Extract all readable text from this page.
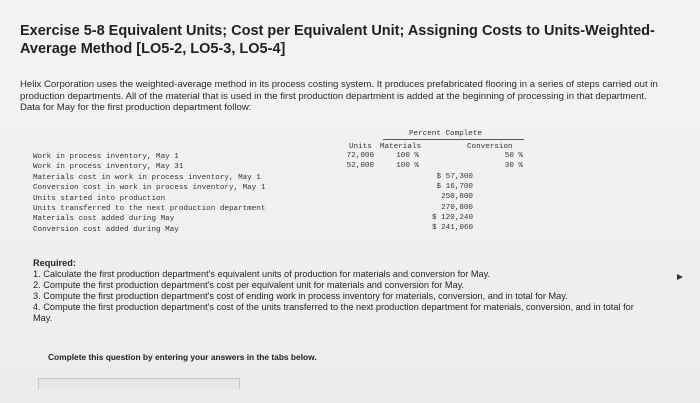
Exercise 5-8 Equivalent Units; Cost per Equivalent Unit; Assigning Costs to Units-Weighted-Average Method [LO5-2, LO5-3, LO5-4]
Helix Corporation uses the weighted-average method in its process costing system. It produces prefabricated flooring in a series of steps carried out in production departments. All of the material that is used in the first production department is added at the beginning of processing in that department. Data for May for the first production department follow:
Percent Complete
Units Materials	Conversion
Work in process inventory, May 1
Work in process inventory, May 31
Materials cost in work in process inventory, May 1
Conversion cost in work in process inventory, May 1
Units started into production
Units transferred to the next production department
Materials cost added during May
Conversion cost added during May
72,000
52,000
100 %
100 %
50 %
30 %
$ 57,300
$ 16,700
250,800
270,800
$ 120,240
$ 241,060
Required:
1. Calculate the first production department's equivalent units of production for materials and conversion for May.
2. Compute the first production department's cost per equivalent unit for materials and conversion for May.
3. Compute the first production department's cost of ending work in process inventory for materials, conversion, and in total for May.
4. Compute the first production department's cost of the units transferred to the next production department for materials, conversion, and in total for May.
Complete this question by entering your answers in the tabs below.
